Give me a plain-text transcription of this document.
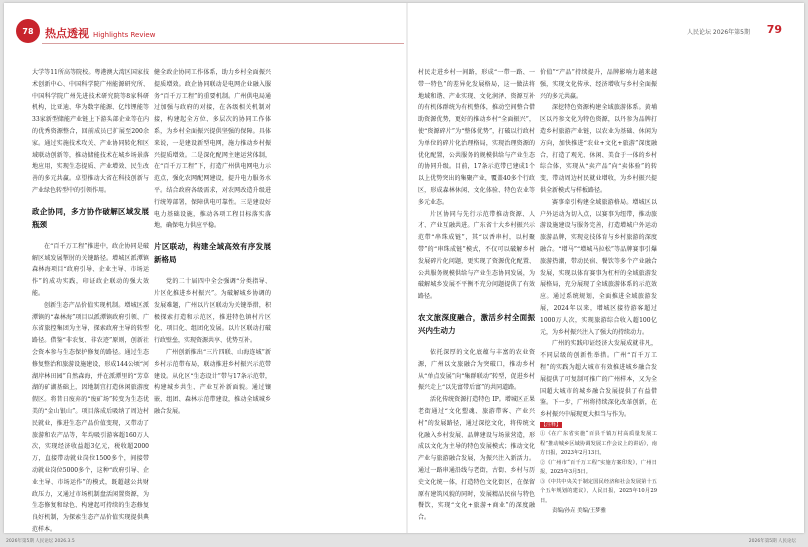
78	热点透视 Highlights Review	人民论坛 2026年第5期 79

大学等11所高等院校。粤港澳大湾区国家技术创新中心、中国科学院广州能源研究所、中国科学院广州先进技术研究院等8家科研机构，比亚迪、华为数字能源、亿纬锂能等33家新型储能产业链上下游头部企业等在内的优秀资源整合，回前成员已扩展至200余家。通过实施技术攻关、产业协同转化和区域联动创新等，推动储能技术在城乡场景落地应用，实现生态提质、产业增效、民生改善的多元共赢。卓望推动大省在科技创新与产业绿色转型中的引领作用。

政企协同，多方协作破解区域发展瓶颈

在“百千万工程”推进中，政企协同是破解区域发展掣肘的关键路径。增城区派潭镇森林海项目“政府引导、企业主导、市场运作”的成功实践，印证政企联动的强大效能。

创新生态产品价值实现机制。增城区派潭镇的“森林海”项目以派潭镇政府引领、广东省旅控集团为主导，探索政府主导的转型路径。借鉴“非农复、非农迹”原则，创新社会资本参与生态保护修复的路径。通过生态修复整治和旅游设施建设，形成144公顷“河湖岸林田园”自然森海，并在派潭里的“芳草湖的矿湖基础上，因地制宜打造休闲旅游度假区。将昔日废弃的“废矿场”转变为生态优美的“金山银山”。项目落成后吸纳了周边村民就业，推进生态产品价值变现，又带动了旅游和农产品等，年均吸引游客超160万人次，实现经济收益超3亿元，税收超2000万，直接带动就业岗位1500多个，间接带动就业岗位5000多个，这种“政府引导、企业主导、市场运作”的模式，既超越公共财政压力，又通过市场机制盘活闲置资源，为生态修复和绿色、构建起可持续的生态修复良好机制，为探索生态产品价值实现提供典范样本。

健全政企协同工作体系，助力乡村全面振兴提质增效。政企协同联动是电网企业融入服务“百千万工程”的重要机制。广州供电局通过加强与政府的对接，在各级相关机制对接，构建起全方位、多层次的协同工作体系，为乡村全面振兴提供坚强的保障。具体来说，一是建设新型电网，施力推动乡村振兴提质增效。二是深化配网主建运营体制，在“百千万工程”下，打造广州供电网电力示范点，强化农网配网建设，提升电力服务水平。结合政府各级需求，对农网改造升级进行统筹部署，保障供电可靠性。三是建设好电力基础设施，推动各项工程目标落实落地，确保电力供应平稳。

片区联动，构建全域高效有序发展新格局

党的二十届四中全会强调“分类指导、片区化推进乡村振兴”。为破解城乡协调的发展难题，广州以片区联动为关键举措，积极探索打造和示范区，推进特色镇村片区化、项目化、组团化发展。以片区联动打破行政壁垒，实现资源共享、优势互补。

广州创新推出“三片四联、山海连城”新乡村示范带布局，联动推进乡村振兴示范带建设。从化区“生态设计”带与17条示范带，构建城乡共生、产业互补新面貌。通过镶嵌、组团、森林示范带建设，推动全域城乡融合发展。

村民走进乡村一间路，形成“一带一路、一带一特色”的差异化发展格局，这一做法将地域和谐、产业实现、文化润泽、资源互补的有机体群统为有机整体，推动空间整合借助资源优势，更好的推动乡村“全面振兴”，使“资源碎片”为“整体优势”，打破以行政村为单位的碎片化治理格局，实现治理资源的优化配置，公共服务的规模供给与产业生态的协同升级。目前，17条示范带已建成1个以上优势突出的集聚产业，覆盖40多个行政区，形成森林休闲、文化体验、特色农业等多元业态。

片区协同与先行示范带推动资源、人才、产业互融共进。广东省十大乡村振兴示范带“串珠成链”，其“以香串村，以村聚带”的“串珠成链”模式，不仅可以破解乡村发展碎片化问题，更实现了资源优化配置、公共服务规模供给与产业生态协同发展，为破解城乡发展不平衡不充分问题提供了有效路径。

农文旅深度融合，激活乡村全面振兴内生动力

依托深厚的文化底蕴与丰富的农业资源，广州以文旅融合为突破口，推动乡村从“单点发展”向“集群联动”转型，促进乡村振兴走上“以先富带后富”的共同道路。

活化传统资源打造特色 IP。增城区正果老街通过“文化塑魂、旅游带客、产业兴村”的发展路径，通过深挖文化，将传统文化融入乡村发展、品牌建设与场景营造，形成以文化为主导的特色发展模式；推动文化产业与旅游融合发展，为振兴注入新活力。通过一路串通沿线与老街，古街、乡村与历史文化统一体，打造特色文化街区，在保留原有建筑风貌的同时，发展精品民宿与特色餐饮，实现“文化+旅游+商业”的深度融合。

价值”“产品”持续提升，品牌影响力越来越强，实现文化传承、经济增收与乡村全面振兴的多元共赢。

深挖特色资源构建全域旅游体系。黄埔区以丹参文化为特色资源，以丹参为品牌打造乡村旅游产业链，以农业为基础、休闲为方向，加快推进“农业+文化+旅游”深度融合，打造了观光、休闲、美食于一体的乡村综合体，实现从“卖产品”向“卖体验”的转变，带动周边村民就业增收，为乡村振兴提供全新模式与样板路径。

赛事牵引构建全域旅游格局。增城区以户外运动为切入点，以赛事为纽带，推动旅游设施建设与服务完善，打造增城户外运动旅游品牌，实现竞技体育与乡村旅游的深度融合。“增马”“增城马拉松”等品牌赛事引爆旅游热潮，带动民宿、餐饮等多个产业融合发展，实现以体育赛事为杠杆的全域旅游发展格局，充分展现了全域旅游体系的示范效应。通过系统规划，全面推进全域旅游发展，2024年以来，增城区接待游客超过1000万人次，实现旅游综合收入超100亿元，为乡村振兴注入了强大的持续动力。

广州的实践印证经济大发展成就非凡，不同层级的创新性举措。广州“百千万工程”的实践为超大城市有效推进城乡融合发展提供了可复制可推广的广州样本，又为全国超大城市的城乡融合发展提供了有益借鉴。下一步，广州将持续深化改革创新，在乡村振兴中展现更大担当与作为。

【注释】
①《在广东省实施“百县千镇万村高质量发展工程”推动城乡区域协调发展工作会议上的讲话》，南方日报，2023年2月13日。
②《广州市“百千万工程”实施方案印发》，广州日报，2025年3月5日。
③《中共中央关于制定国民经济和社会发展第十五个五年规划的建议》，人民日报，2025年10月29日。

责编/孙垚 美编/王梦雅

2026年第5期 人民论坛 2026.3.5	2026年第5期 人民论坛
